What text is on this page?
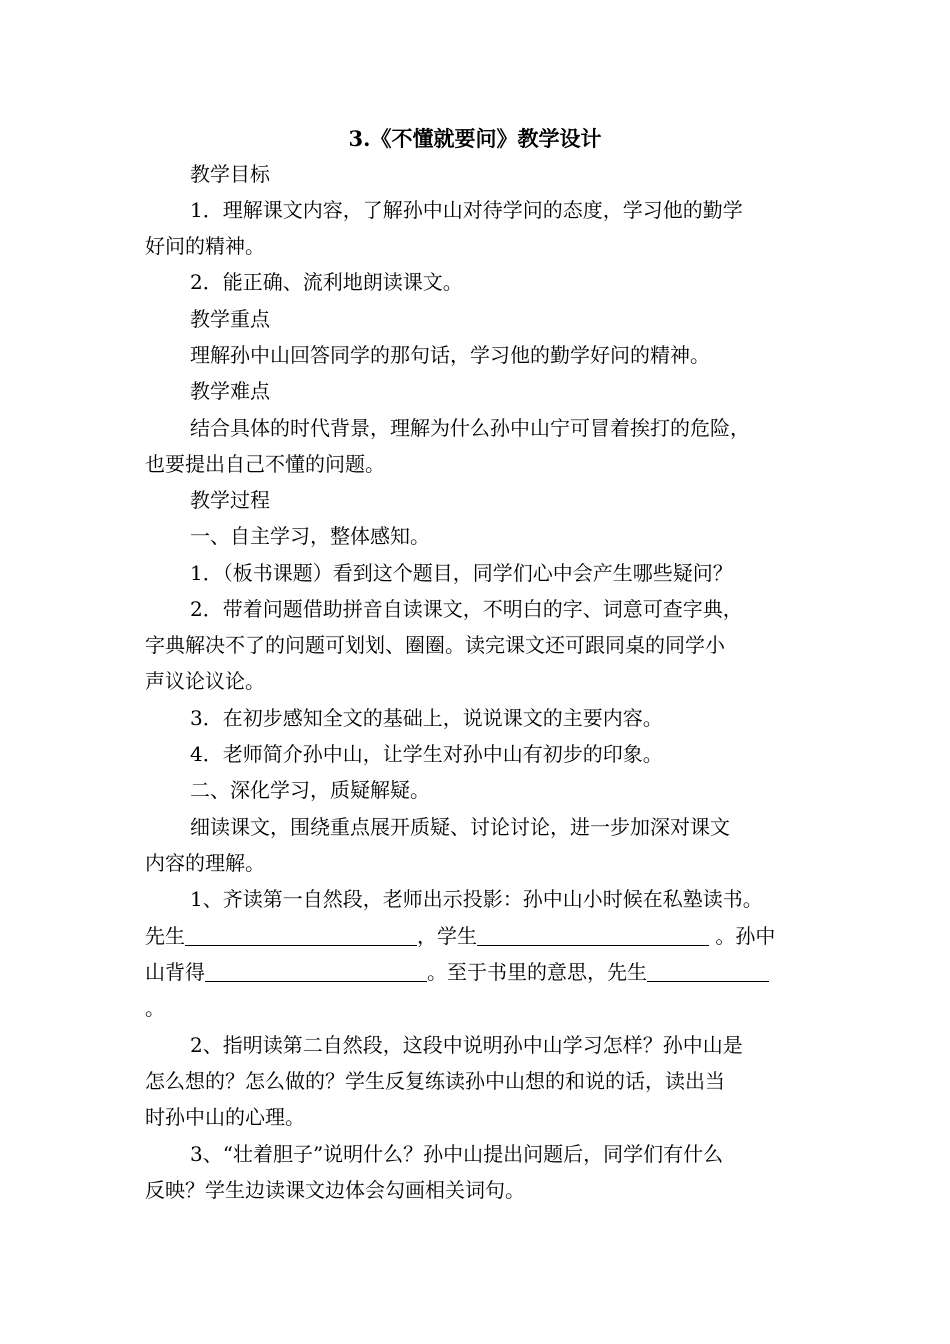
3.《不懂就要问》教学设计
教学目标
1．理解课文内容，了解孙中山对待学问的态度，学习他的勤学
好问的精神。
2．能正确、流利地朗读课文。
教学重点
理解孙中山回答同学的那句话，学习他的勤学好问的精神。
教学难点
结合具体的时代背景，理解为什么孙中山宁可冒着挨打的危险，
也要提出自己不懂的问题。
教学过程
一、自主学习，整体感知。
1．（板书课题）看到这个题目，同学们心中会产生哪些疑问？
2．带着问题借助拼音自读课文，不明白的字、词意可查字典，
字典解决不了的问题可划划、圈圈。读完课文还可跟同桌的同学小
声议论议论。
3．在初步感知全文的基础上，说说课文的主要内容。
4．老师简介孙中山，让学生对孙中山有初步的印象。
二、深化学习，质疑解疑。
细读课文，围绕重点展开质疑、讨论讨论，进一步加深对课文
内容的理解。
1、齐读第一自然段，老师出示投影：孙中山小时候在私塾读书。
先生	，学生	。孙中
山背得	。至于书里的意思，先生
。
2、指明读第二自然段，这段中说明孙中山学习怎样？孙中山是
怎么想的？怎么做的？学生反复练读孙中山想的和说的话，读出当
时孙中山的心理。
3、“壮着胆子”说明什么？孙中山提出问题后，同学们有什么
反映？学生边读课文边体会勾画相关词句。
